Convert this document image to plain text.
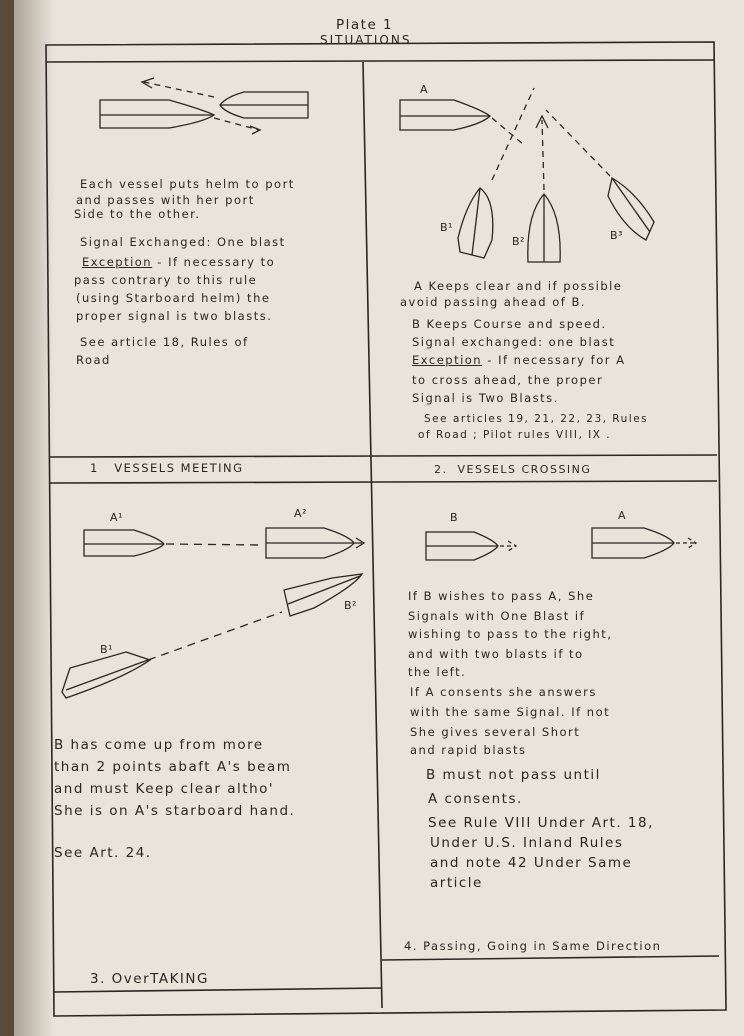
Plate 1
SITUATIONS
Each vessel puts helm to port
and passes with her port
Side to the other.
Signal Exchanged: One blast
Exception - If necessary to
pass contrary to this rule
(using Starboard helm) the
proper signal is two blasts.
See article 18, Rules of
Road
1   VESSELS MEETING
A
B¹
B²	B³
A Keeps clear and if possible
avoid passing ahead of B.
B Keeps Course and speed.
Signal exchanged: one blast
Exception - If necessary for A
to cross ahead, the proper
Signal is Two Blasts.
See articles 19, 21, 22, 23, Rules
of Road ; Pilot rules VIII, IX .
2.  VESSELS CROSSING
A¹	A²
B²
B¹
B has come up from more
than 2 points abaft A's beam
and must Keep clear altho'
She is on A's starboard hand.
See Art. 24.
3. OverTAKING
B	A
If B wishes to pass A, She
Signals with One Blast if
wishing to pass to the right,
and with two blasts if to
the left.
If A consents she answers
with the same Signal. If not
She gives several Short
and rapid blasts
B must not pass until
A consents.
See Rule VIII Under Art. 18,
Under U.S. Inland Rules
and note 42 Under Same
article
4. Passing, Going in Same Direction
